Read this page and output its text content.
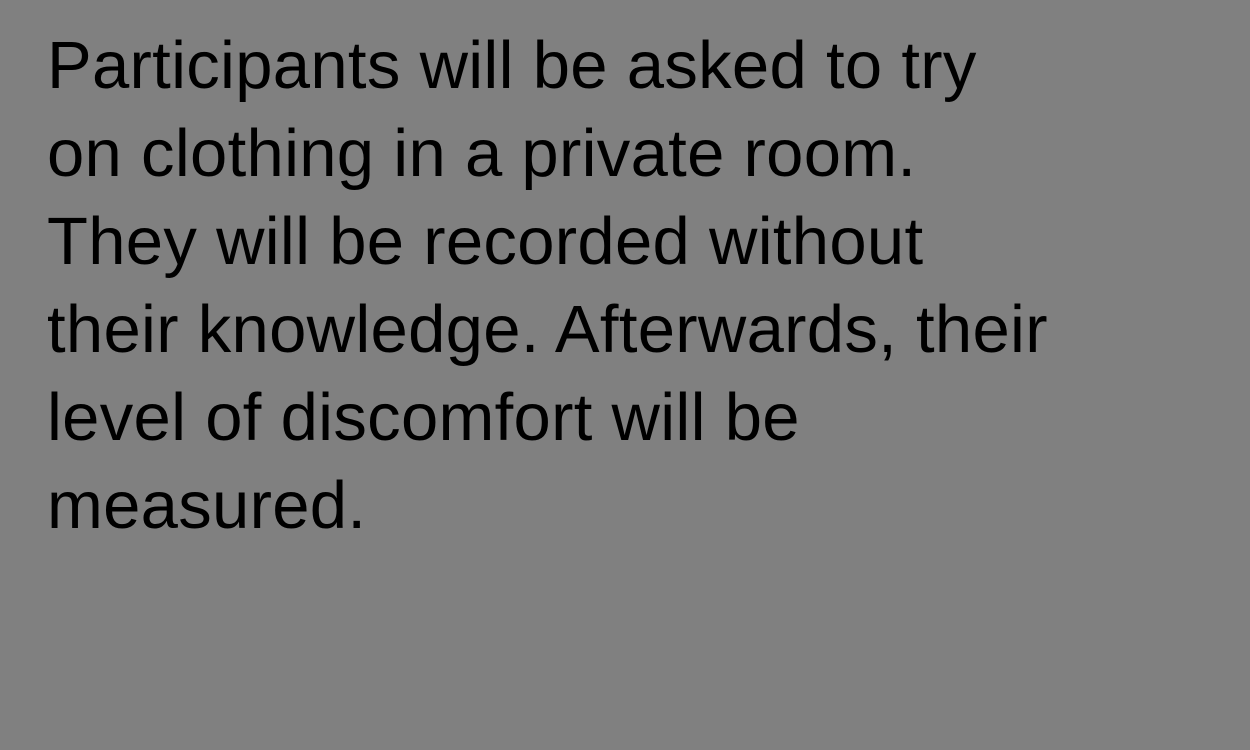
Participants will be asked to try
on clothing in a private room.
They will be recorded without
their knowledge. Afterwards, their
level of discomfort will be
measured.
